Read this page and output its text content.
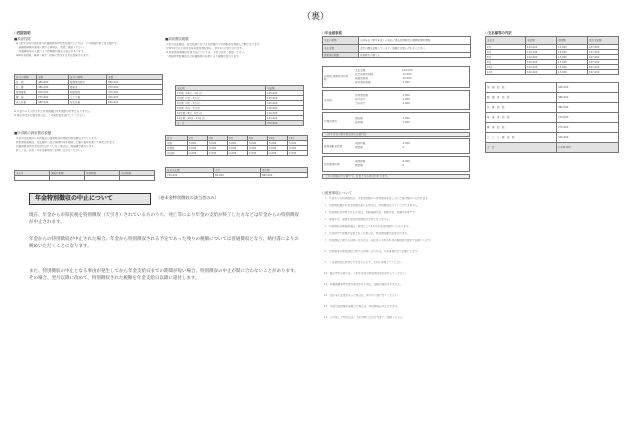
（裏）
○控除説明
■源泉控除
※公的年金等の受給者の扶養親族等申告書を提出した方は、その控除対象となる額です。
・基礎控除額の適用に関する事項は、別途ご確認ください。
・扶養親族等の人数により控除額が異なる場合があります。
※障害者控除、寡婦（寡夫）控除に該当する方は加算されます。
区分の種類	金額	区分の種類	金額
基　礎	480,000	配偶者控除等	380,000
扶　養	380,000	障害者	270,000
特別障害	400,000	同居特障	750,000
寡　婦	270,000	ひとり親	350,000
老人扶養	480,000	特定扶養	630,000
※ 年金から天引きされた所得税額は年末調整の対象となりません。
※ 確定申告が必要な場合は、この通知書を添付してください。
■所得税の源泉徴収税額
年金の支払額から所得税及び復興特別所得税が源泉徴収されています。
源泉徴収税額は、支払額から社会保険料等を控除した額に税率を乗じて算出されます。
扶養親族等申告書を提出されていない場合は、控除額が異なります。
詳しくは、お近くの年金事務所にお問い合わせください。
支払月	課税対象額	所得税額	住民税額

■源泉徴収税額
年金の支払額は、各支払期における支給額から所得税等を控除した額となります。
令和5年分の公的年金等の源泉徴収票は、翌年1月に送付されます。
※ 源泉徴収税額の計算方法については、下記の表をご参照ください。
・控除対象配偶者及び扶養親族の有無により税額が変わります。
支払期	支給額
2月期（12月・1月分）	120,000
4月期（2月・3月分）	120,000
6月期（4月・5月分）	120,000
8月期（6月・7月分）	120,000
10月期（8月・9月分）	120,000
12月期（10月・11月分）	120,000
合　計	720,000
区分	2月	4月	6月	8月	10月	12月
基礎	5,000	5,000	5,000	5,000	5,000	5,000
所得税	3,000	3,000	3,000	3,000	3,000	3,000
住民税	2,000	2,000	2,000	2,000	2,000	2,000
年金支払額	合計	差引額
720,000	60,000	660,000
年金特別徴収の中止について	（巻末金特別徴収の該当者のみ）
現在、年金から市県民税を特別徴収（天引き）されている方のうち、死亡等により年金の支給が終了した方などは年金からの特別徴収が中止されます。
年金からの特別徴収が中止された場合、年金から特別徴収される予定であった残りの税額については普通徴収となり、納付書によりお納めいただくことになります。
また、特別徴収の中止となる事由が発生してから年金支給日までの期間が短い場合、特別徴収の中止が間に合わないことがあります。その場合、翌月以降に改めて、特別徴収された税額を年金支給日以降に還付します。
○年金源泉税
支払の種類	公的年金（厚生年金）の支払に係る所得税及び復興特別所得税
支払金額	合計の額を記載しています。詳細はお問い合わせください。
源泉徴収税額	所得税等の額です。
所得税 復興特別所得税
支払金額　　　　　　　　　　　　　　120,000
社会保険料控除　　　　　　　　　　　 15,000
基礎的控除　　　　　　　　　　　　　 40,000
源泉徴収税額　　　　　　　　　　　　 3,000
住民税
特別徴収額　　　　　　　　　　　　　 2,000
前年度分　　　　　　　　　　　　　　 2,000
当年度分　　　　　　　　　　　　　　 2,000
介護保険料
徴収額　　　　　　　　　　　　　　　 5,000
基準額　　　　　　　　　　　　　　　 5,000
公的年金等の源泉徴収票の記載内容
後期高齢者医療
保険料額　　　　　　　　　　　　　　 4,000
調整額　　　　　　　　　　　　　　　 0
国民健康保険
保険税額　　　　　　　　　　　　　　 6,000
調整額　　　　　　　　　　　　　　　 0
上記の金額は予定額です。変更となる場合があります。
○支払額等の内訳
支払月	支給額	控除額	差引支給額
2月	120,000	13,000	107,000
4月	120,000	13,000	107,000
6月	120,000	13,000	107,000
8月	120,000	13,000	107,000
10月	120,000	13,000	107,000
12月	120,000	13,000	107,000
基　礎　控　除	480,000
配　偶　者　控　除	380,000
扶　養　控　除	380,000
障　害　者　控　除	270,000
寡　婦　控　除	270,000
ひ　と　り　親　控　除	350,000
合　計	2,130,000
○留意事項について
１．年金からの特別徴収は、年金支給額から所得税等を差し引いた後の額から行われます。
２．特別徴収額が年金支給額を超える場合は、特別徴収を行うことができません。
３．特別徴収の対象となる年金は、老齢基礎年金、老齢年金、退職年金等です。
４．障害年金、遺族年金は特別徴収の対象となりません。
５．特別徴収の開始時期は、原則として4月の年金支給時からとなります。
６．年度途中で税額が変更となった場合は、特別徴収額が変更されます。
７．特別徴収に関するお問い合わせは、お住まいの市区町村の税務担当課までお願いします。
８．所得税等の源泉徴収に関するお問い合わせは、年金事務所までお願いします。
９．この通知書は再発行できませんので、大切に保管してください。
10．確定申告の際には、公的年金等の源泉徴収票を添付してください。
11．扶養親族等申告書の提出がない場合、控除が適用されません。
12．住所等に変更があった場合は、速やかに届け出てください。
13．年金の受給権が消滅した場合は、特別徴収は中止されます。
14．その他ご不明な点は、下記の問い合わせ先までご連絡ください。
